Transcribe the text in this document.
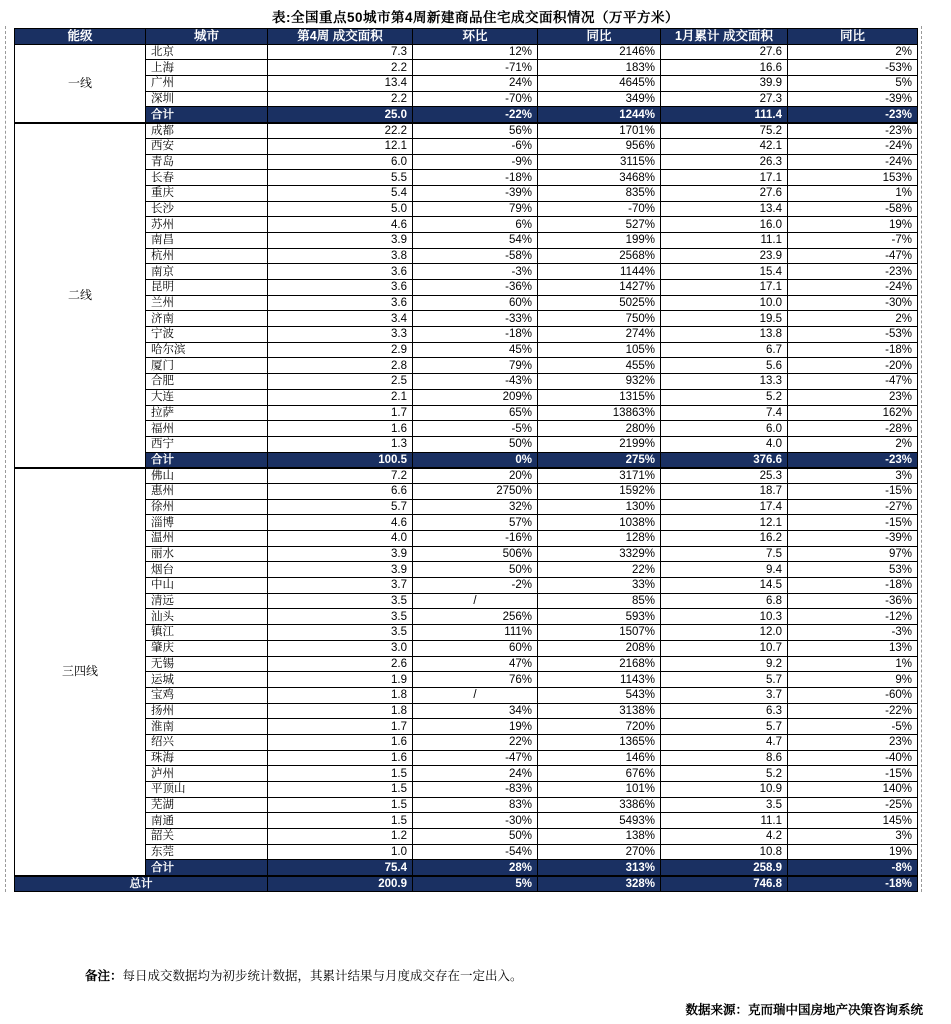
表:全国重点50城市第4周新建商品住宅成交面积情况（万平方米）
能级	城市	第4周 成交面积	环比	同比	1月累计 成交面积	同比
一线	北京	7.3	12%	2146%	27.6	2%
	上海	2.2	-71%	183%	16.6	-53%
	广州	13.4	24%	4645%	39.9	5%
	深圳	2.2	-70%	349%	27.3	-39%
	合计	25.0	-22%	1244%	111.4	-23%
二线	成都	22.2	56%	1701%	75.2	-23%
	西安	12.1	-6%	956%	42.1	-24%
	青岛	6.0	-9%	3115%	26.3	-24%
	长春	5.5	-18%	3468%	17.1	153%
	重庆	5.4	-39%	835%	27.6	1%
	长沙	5.0	79%	-70%	13.4	-58%
	苏州	4.6	6%	527%	16.0	19%
	南昌	3.9	54%	199%	11.1	-7%
	杭州	3.8	-58%	2568%	23.9	-47%
	南京	3.6	-3%	1144%	15.4	-23%
	昆明	3.6	-36%	1427%	17.1	-24%
	兰州	3.6	60%	5025%	10.0	-30%
	济南	3.4	-33%	750%	19.5	2%
	宁波	3.3	-18%	274%	13.8	-53%
	哈尔滨	2.9	45%	105%	6.7	-18%
	厦门	2.8	79%	455%	5.6	-20%
	合肥	2.5	-43%	932%	13.3	-47%
	大连	2.1	209%	1315%	5.2	23%
	拉萨	1.7	65%	13863%	7.4	162%
	福州	1.6	-5%	280%	6.0	-28%
	西宁	1.3	50%	2199%	4.0	2%
	合计	100.5	0%	275%	376.6	-23%
三四线	佛山	7.2	20%	3171%	25.3	3%
	惠州	6.6	2750%	1592%	18.7	-15%
	徐州	5.7	32%	130%	17.4	-27%
	淄博	4.6	57%	1038%	12.1	-15%
	温州	4.0	-16%	128%	16.2	-39%
	丽水	3.9	506%	3329%	7.5	97%
	烟台	3.9	50%	22%	9.4	53%
	中山	3.7	-2%	33%	14.5	-18%
	清远	3.5	/	85%	6.8	-36%
	汕头	3.5	256%	593%	10.3	-12%
	镇江	3.5	111%	1507%	12.0	-3%
	肇庆	3.0	60%	208%	10.7	13%
	无锡	2.6	47%	2168%	9.2	1%
	运城	1.9	76%	1143%	5.7	9%
	宝鸡	1.8	/	543%	3.7	-60%
	扬州	1.8	34%	3138%	6.3	-22%
	淮南	1.7	19%	720%	5.7	-5%
	绍兴	1.6	22%	1365%	4.7	23%
	珠海	1.6	-47%	146%	8.6	-40%
	泸州	1.5	24%	676%	5.2	-15%
	平顶山	1.5	-83%	101%	10.9	140%
	芜湖	1.5	83%	3386%	3.5	-25%
	南通	1.5	-30%	5493%	11.1	145%
	韶关	1.2	50%	138%	4.2	3%
	东莞	1.0	-54%	270%	10.8	19%
	合计	75.4	28%	313%	258.9	-8%
总计		200.9	5%	328%	746.8	-18%
备注：每日成交数据均为初步统计数据，其累计结果与月度成交存在一定出入。
数据来源：克而瑞中国房地产决策咨询系统
